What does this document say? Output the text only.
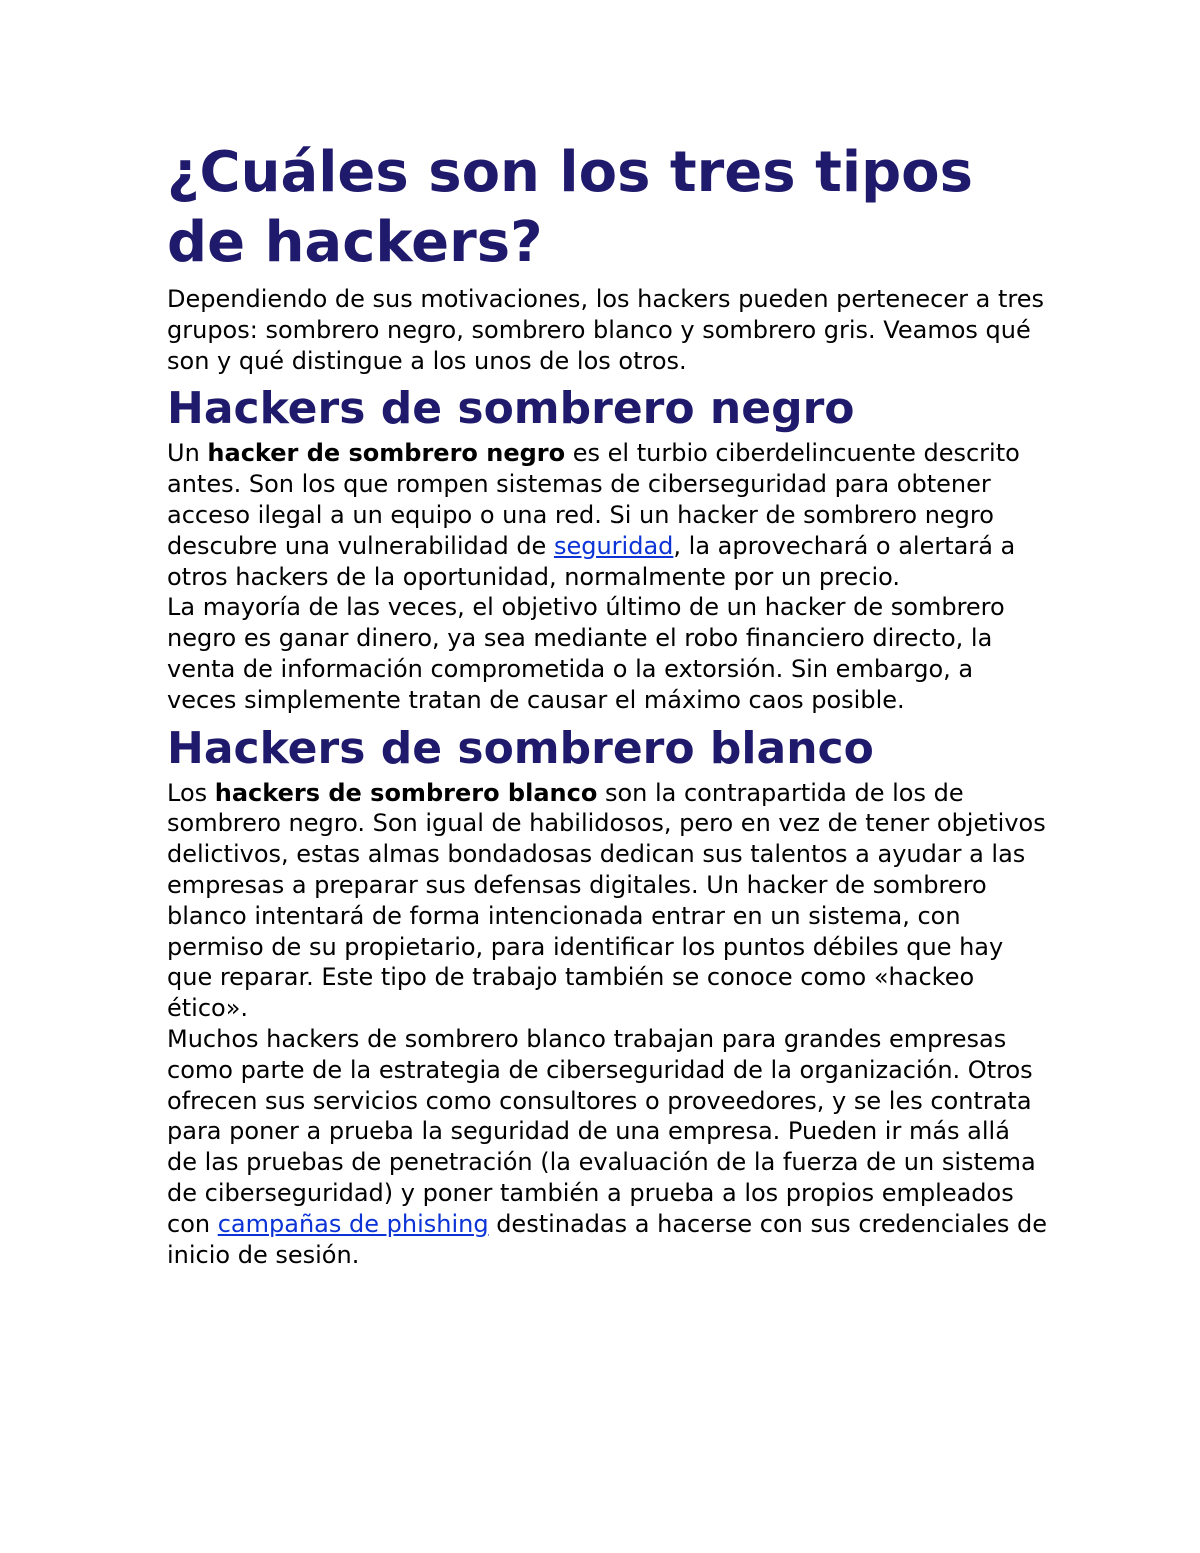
¿Cuáles son los tres tipos de hackers?

Dependiendo de sus motivaciones, los hackers pueden pertenecer a tres grupos: sombrero negro, sombrero blanco y sombrero gris. Veamos qué son y qué distingue a los unos de los otros.

Hackers de sombrero negro

Un hacker de sombrero negro es el turbio ciberdelincuente descrito antes. Son los que rompen sistemas de ciberseguridad para obtener acceso ilegal a un equipo o una red. Si un hacker de sombrero negro descubre una vulnerabilidad de seguridad, la aprovechará o alertará a otros hackers de la oportunidad, normalmente por un precio.

La mayoría de las veces, el objetivo último de un hacker de sombrero negro es ganar dinero, ya sea mediante el robo financiero directo, la venta de información comprometida o la extorsión. Sin embargo, a veces simplemente tratan de causar el máximo caos posible.

Hackers de sombrero blanco

Los hackers de sombrero blanco son la contrapartida de los de sombrero negro. Son igual de habilidosos, pero en vez de tener objetivos delictivos, estas almas bondadosas dedican sus talentos a ayudar a las empresas a preparar sus defensas digitales. Un hacker de sombrero blanco intentará de forma intencionada entrar en un sistema, con permiso de su propietario, para identificar los puntos débiles que hay que reparar. Este tipo de trabajo también se conoce como «hackeo ético».

Muchos hackers de sombrero blanco trabajan para grandes empresas como parte de la estrategia de ciberseguridad de la organización. Otros ofrecen sus servicios como consultores o proveedores, y se les contrata para poner a prueba la seguridad de una empresa. Pueden ir más allá de las pruebas de penetración (la evaluación de la fuerza de un sistema de ciberseguridad) y poner también a prueba a los propios empleados con campañas de phishing destinadas a hacerse con sus credenciales de inicio de sesión.
